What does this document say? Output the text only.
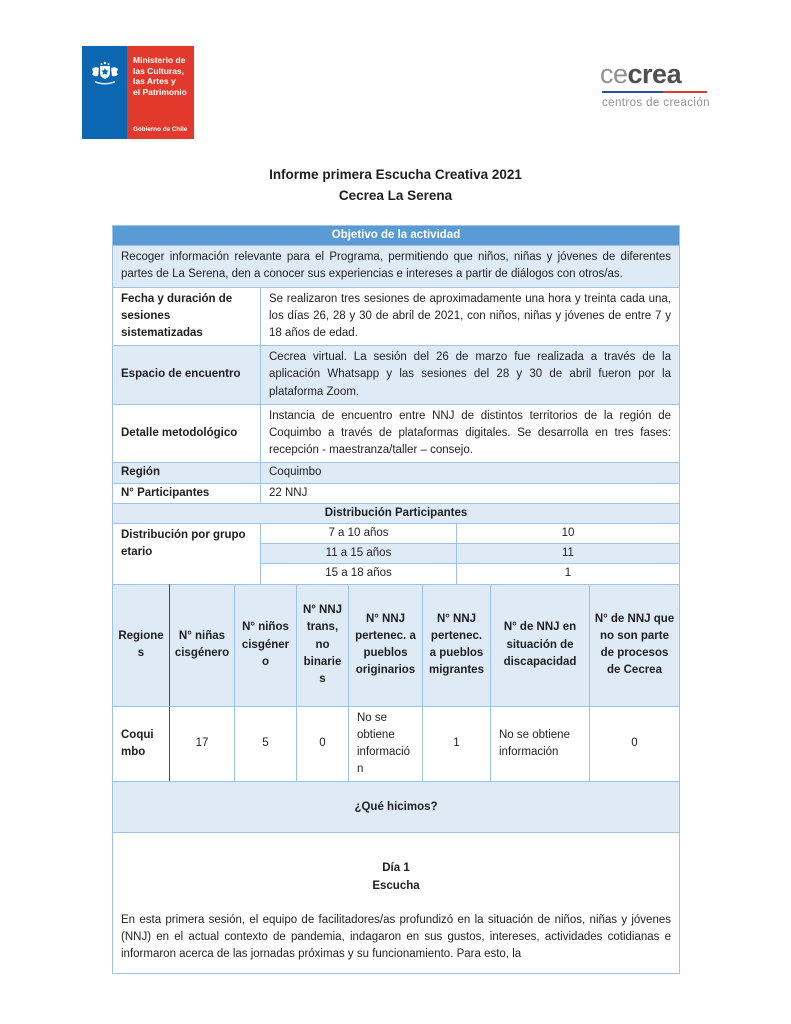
Ministerio de
las Culturas,
las Artes y
el Patrimonio
Gobierno de Chile
cecrea
centros de creación
Informe primera Escucha Creativa 2021
Cecrea La Serena
Objetivo de la actividad	
Recoger información relevante para el Programa, permitiendo que niños, niñas y jóvenes de diferentes partes de La Serena, den a conocer sus experiencias e intereses a partir de diálogos con otros/as.	
Fecha y duración de sesiones sistematizadas	Se realizaron tres sesiones de aproximadamente una hora y treinta cada una, los días 26, 28 y 30 de abril de 2021, con niños, niñas y jóvenes de entre 7 y 18 años de edad.
Espacio de encuentro	Cecrea virtual. La sesión del 26 de marzo fue realizada a través de la aplicación Whatsapp y las sesiones del 28 y 30 de abril fueron por la plataforma Zoom.
Detalle metodológico	Instancia de encuentro entre NNJ de distintos territorios de la región de Coquimbo a través de plataformas digitales. Se desarrolla en tres fases: recepción - maestranza/taller – consejo.
Región	Coquimbo
N° Participantes	22 NNJ
Distribución Participantes	
Distribución por grupo etario	7 a 10 años	10
	11 a 15 años	11
	15 a 18 años	1
Regiones	N° niñas cisgénero	N° niños cisgénero	N° NNJ trans, no binaries	N° NNJ pertenec. a pueblos originarios	N° NNJ pertenec. a pueblos migrantes	N° de NNJ en situación de discapacidad	N° de NNJ que no son parte de procesos de Cecrea
Coquimbo	17	5	0	No se obtiene información	1	No se obtiene información	0
¿Qué hicimos?

Día 1
Escucha
En esta primera sesión, el equipo de facilitadores/as profundizó en la situación de niños, niñas y jóvenes (NNJ) en el actual contexto de pandemia, indagaron en sus gustos, intereses, actividades cotidianas e informaron acerca de las jornadas próximas y su funcionamiento. Para esto, la
